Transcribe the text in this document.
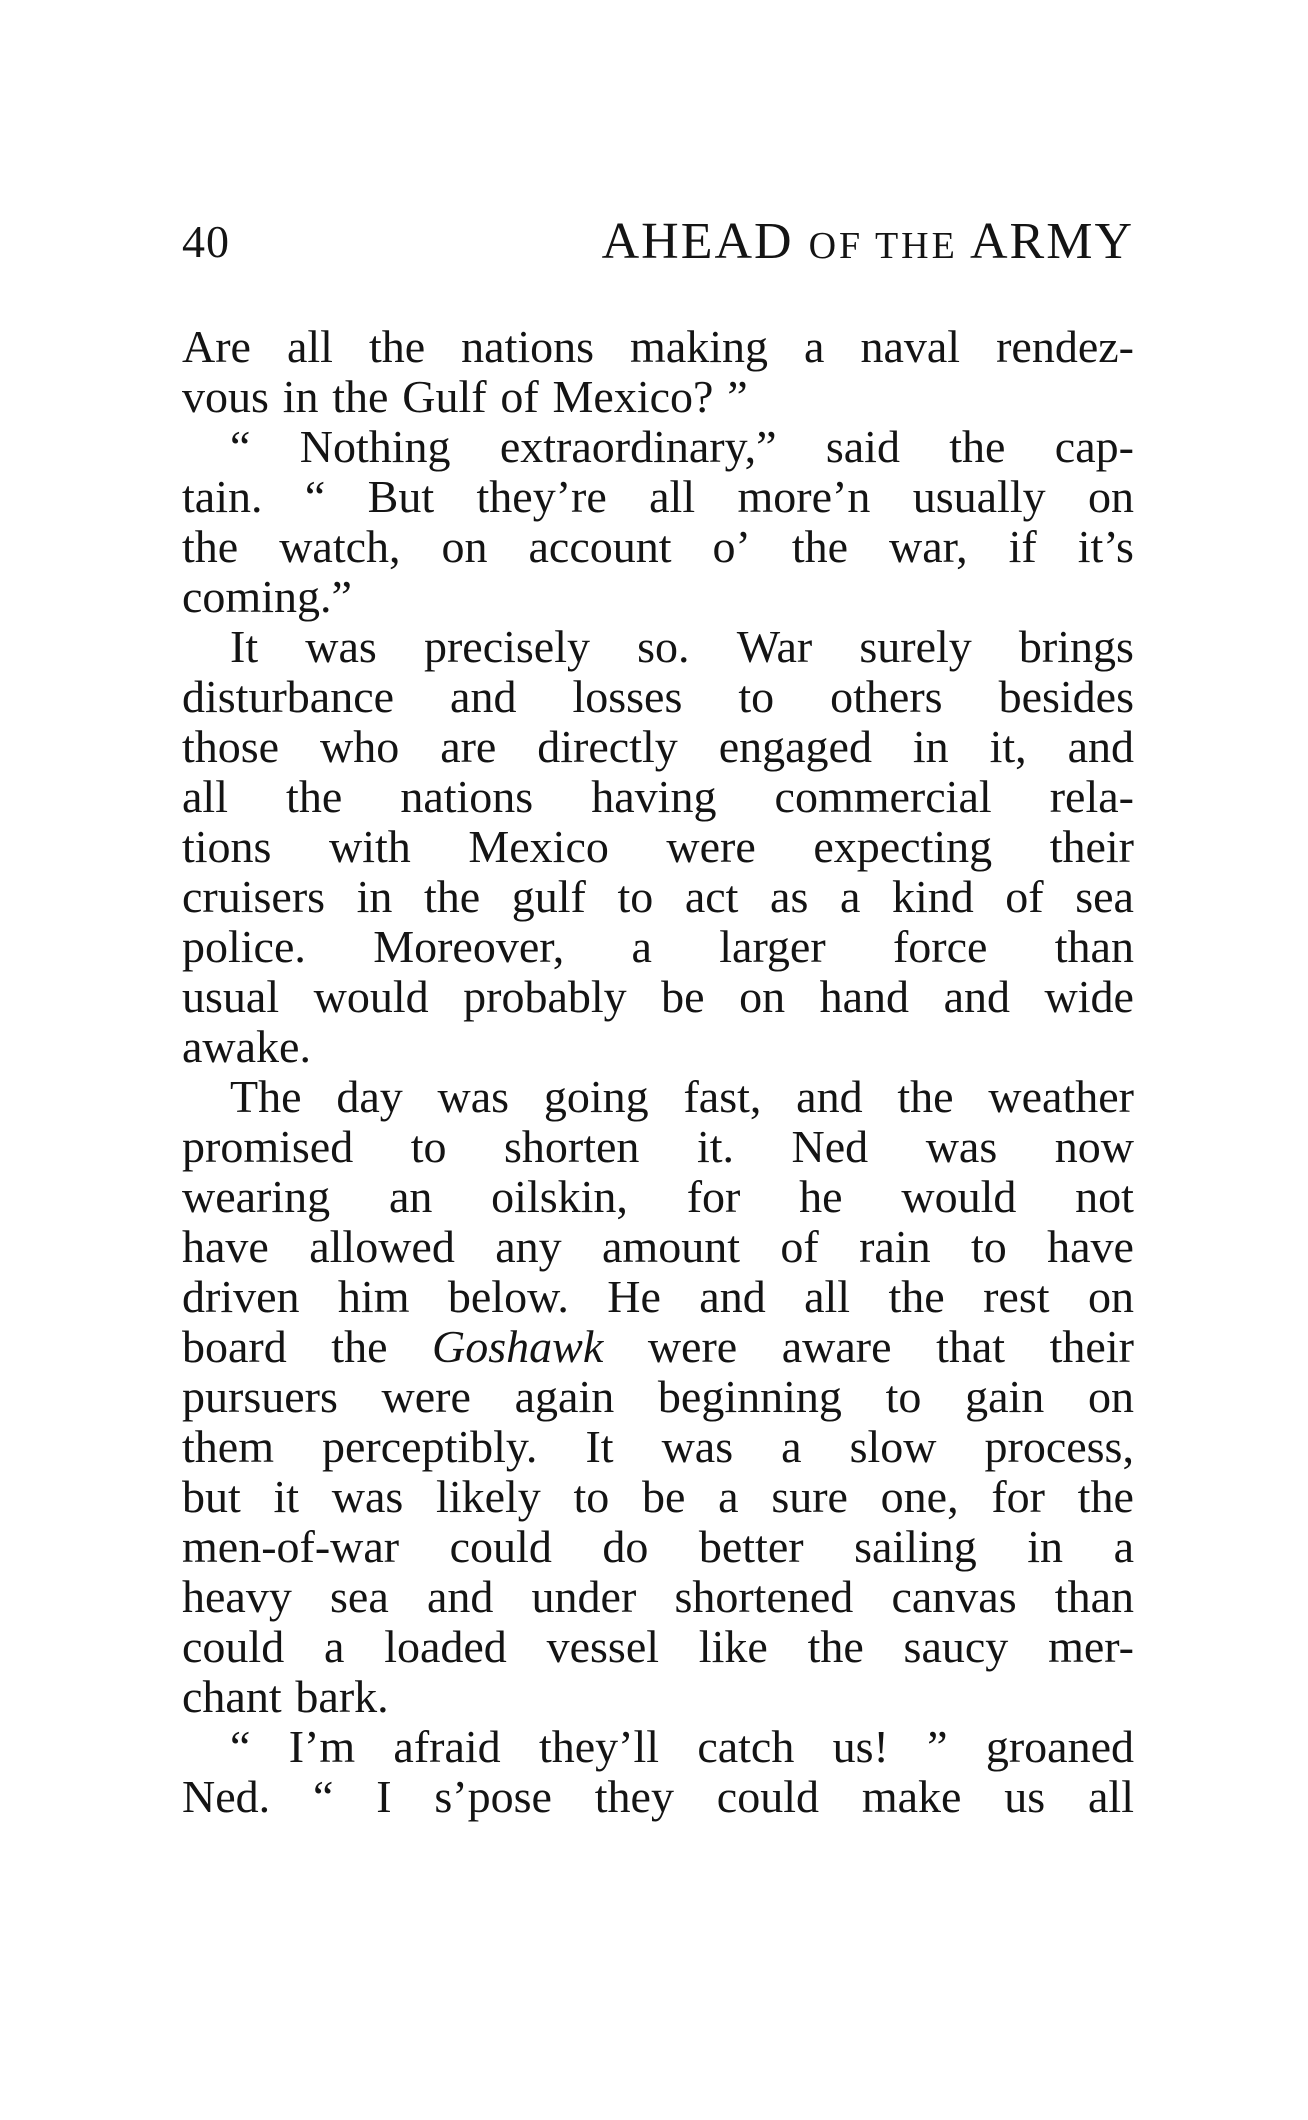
40	AHEAD OF THE ARMY
Are all the nations making a naval rendez-
vous in the Gulf of Mexico? ”
“ Nothing extraordinary,” said the cap-
tain. “ But they’re all more’n usually on
the watch, on account o’ the war, if it’s
coming.”
It was precisely so. War surely brings
disturbance and losses to others besides
those who are directly engaged in it, and
all the nations having commercial rela-
tions with Mexico were expecting their
cruisers in the gulf to act as a kind of sea
police. Moreover, a larger force than
usual would probably be on hand and wide
awake.
The day was going fast, and the weather
promised to shorten it. Ned was now
wearing an oilskin, for he would not
have allowed any amount of rain to have
driven him below. He and all the rest on
board the Goshawk were aware that their
pursuers were again beginning to gain on
them perceptibly. It was a slow process,
but it was likely to be a sure one, for the
men-of-war could do better sailing in a
heavy sea and under shortened canvas than
could a loaded vessel like the saucy mer-
chant bark.
“ I’m afraid they’ll catch us! ” groaned
Ned. “ I s’pose they could make us all
